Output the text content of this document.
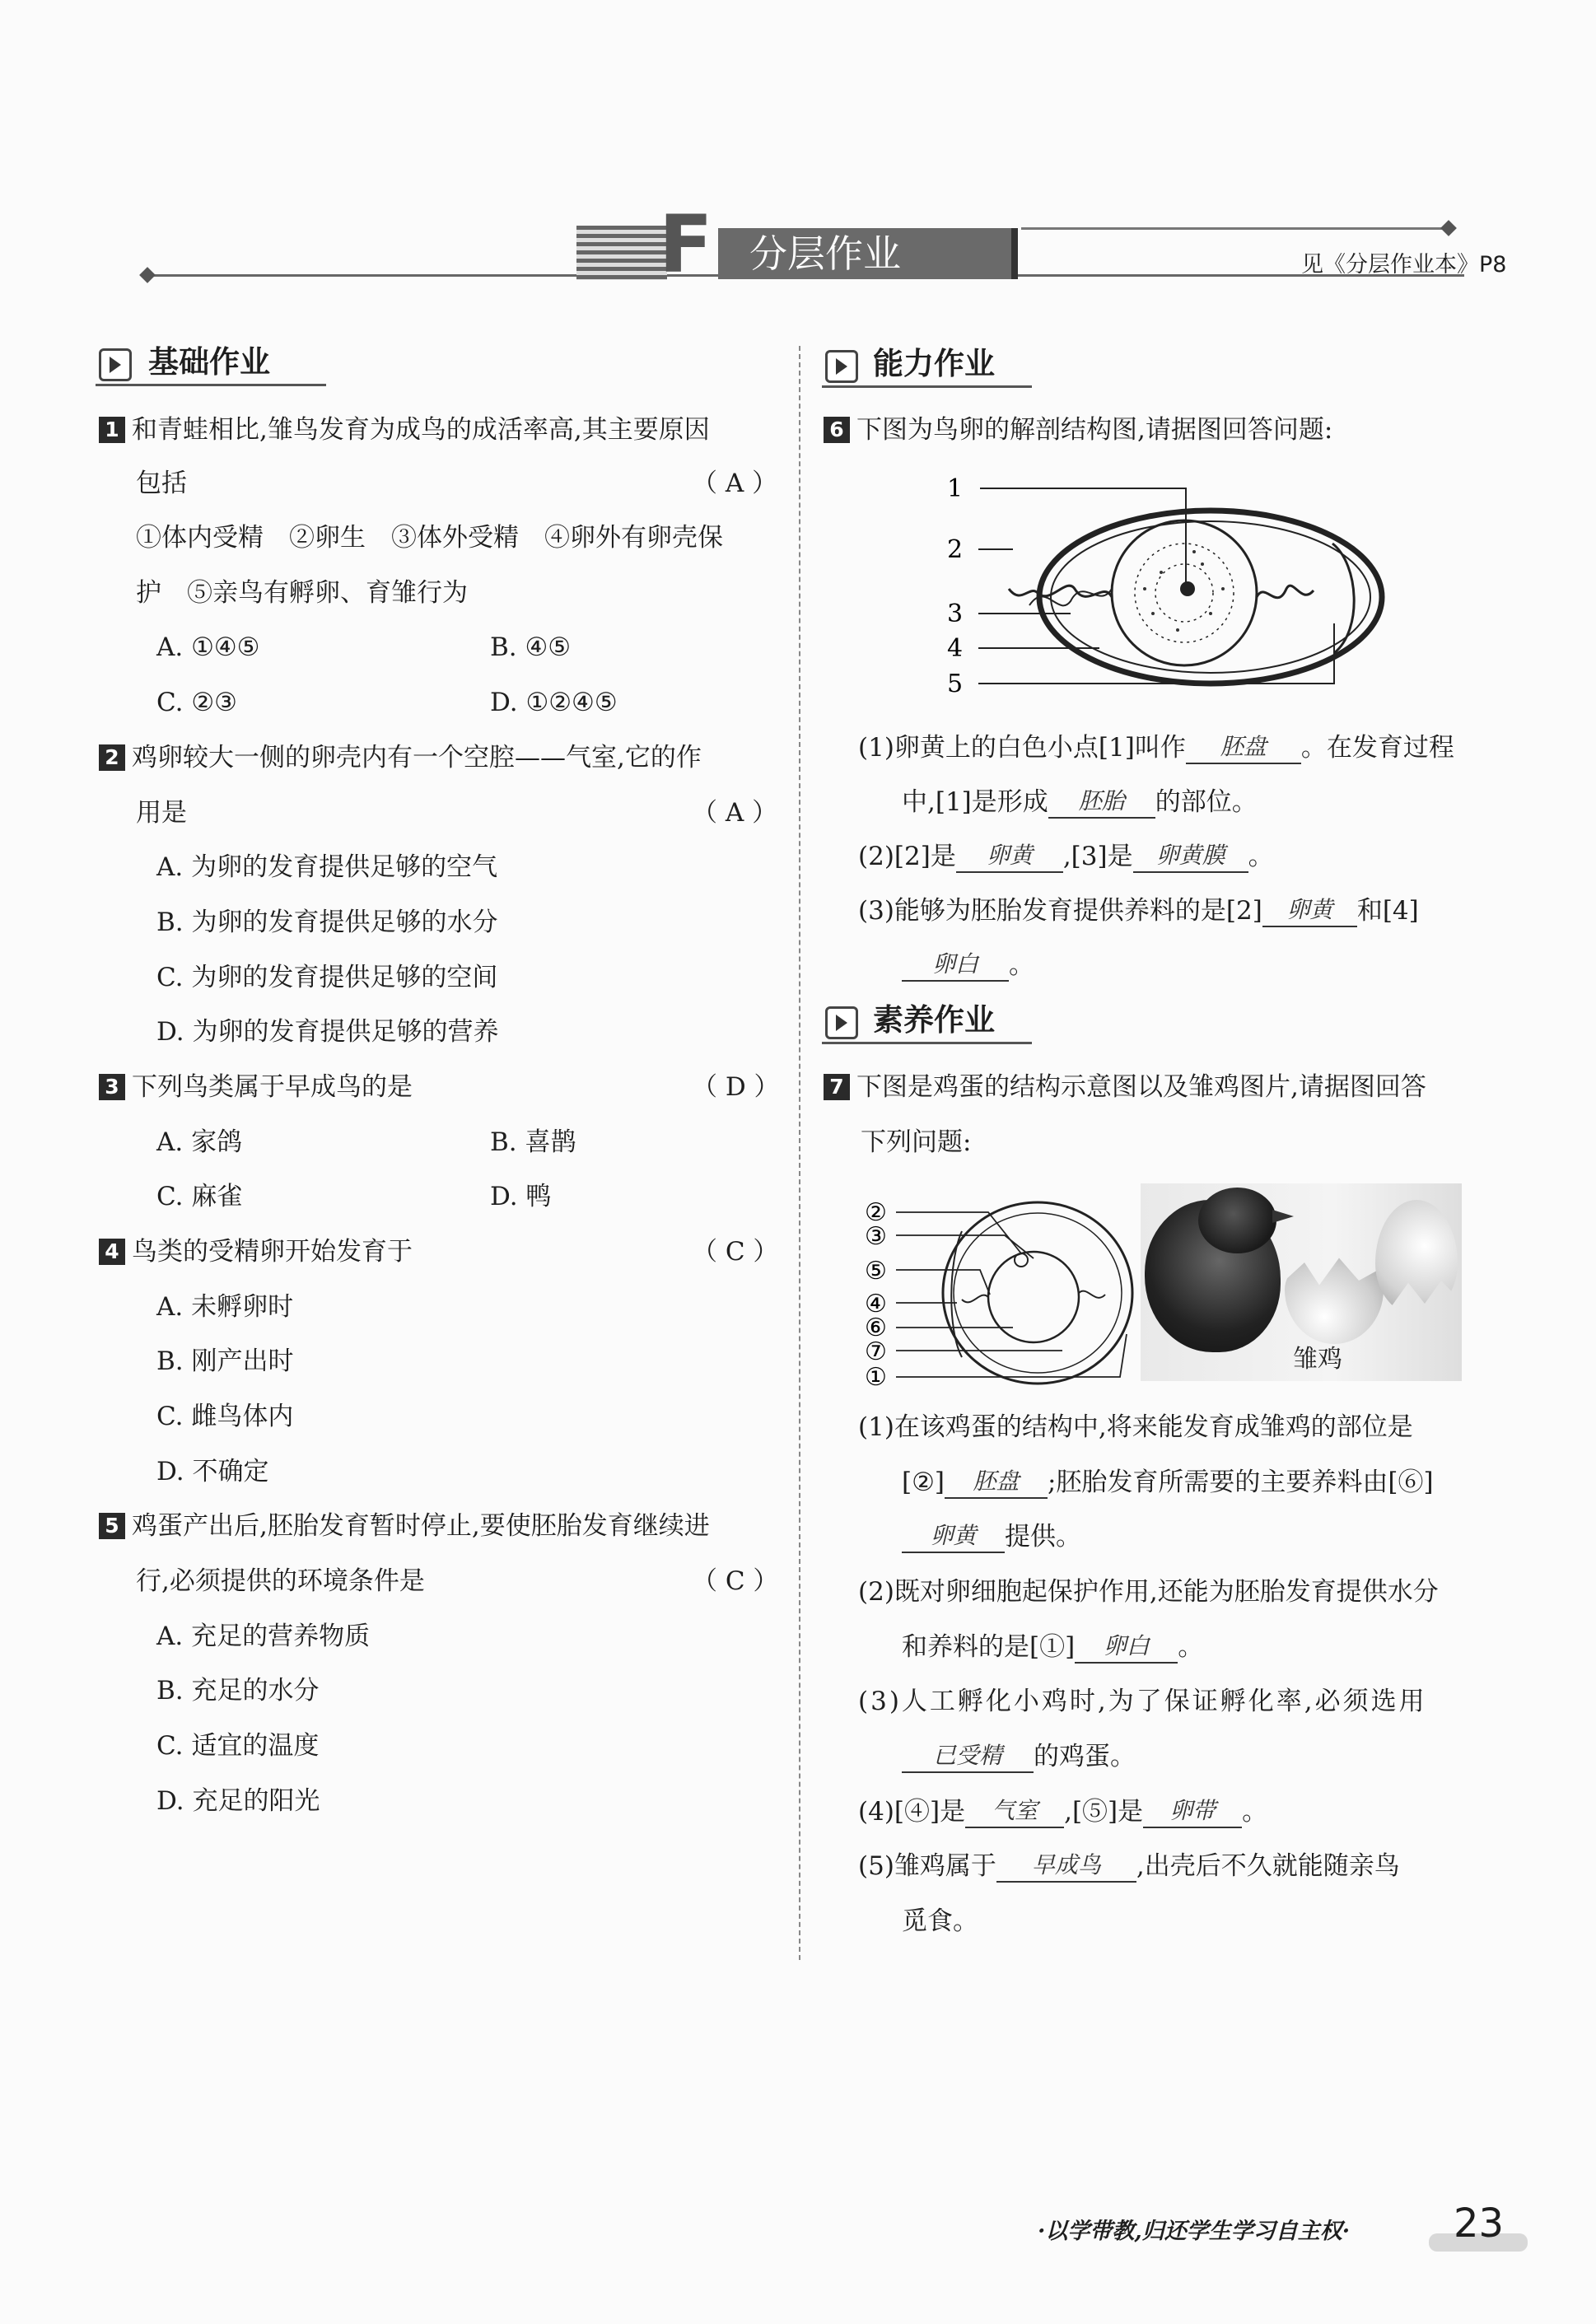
F 分层作业	见《分层作业本》P8
基础作业
1 和青蛙相比,雏鸟发育为成鸟的成活率高,其主要原因
包括	（ A ）
①体内受精　②卵生　③体外受精　④卵外有卵壳保
护　⑤亲鸟有孵卵、育雏行为
A. ①④⑤	B. ④⑤
C. ②③	D. ①②④⑤
2 鸡卵较大一侧的卵壳内有一个空腔——气室,它的作
用是	（ A ）
A. 为卵的发育提供足够的空气
B. 为卵的发育提供足够的水分
C. 为卵的发育提供足够的空间
D. 为卵的发育提供足够的营养
3 下列鸟类属于早成鸟的是	（ D ）
A. 家鸽	B. 喜鹊
C. 麻雀	D. 鸭
4 鸟类的受精卵开始发育于	（ C ）
A. 未孵卵时
B. 刚产出时
C. 雌鸟体内
D. 不确定
5 鸡蛋产出后,胚胎发育暂时停止,要使胚胎发育继续进
行,必须提供的环境条件是	（ C ）
A. 充足的营养物质
B. 充足的水分
C. 适宜的温度
D. 充足的阳光
能力作业
6 下图为鸟卵的解剖结构图,请据图回答问题:
1
2
3
4
5
(1)卵黄上的白色小点[1]叫作 胚盘 。在发育过程
中,[1]是形成 胚胎 的部位。
(2)[2]是 卵黄 ,[3]是 卵黄膜 。
(3)能够为胚胎发育提供养料的是[2] 卵黄 和[4]
卵白 。
素养作业
7 下图是鸡蛋的结构示意图以及雏鸡图片,请据图回答
下列问题:
②
③
⑤
④
⑥
⑦
①
雏鸡
(1)在该鸡蛋的结构中,将来能发育成雏鸡的部位是
[②] 胚盘 ;胚胎发育所需要的主要养料由[⑥]
卵黄 提供。
(2)既对卵细胞起保护作用,还能为胚胎发育提供水分
和养料的是[①] 卵白 。
(3)人工孵化小鸡时,为了保证孵化率,必须选用
已受精 的鸡蛋。
(4)[④]是 气室 ,[⑤]是 卵带 。
(5)雏鸡属于 早成鸟 ,出壳后不久就能随亲鸟
觅食。
·以学带教,归还学生学习自主权·	23
